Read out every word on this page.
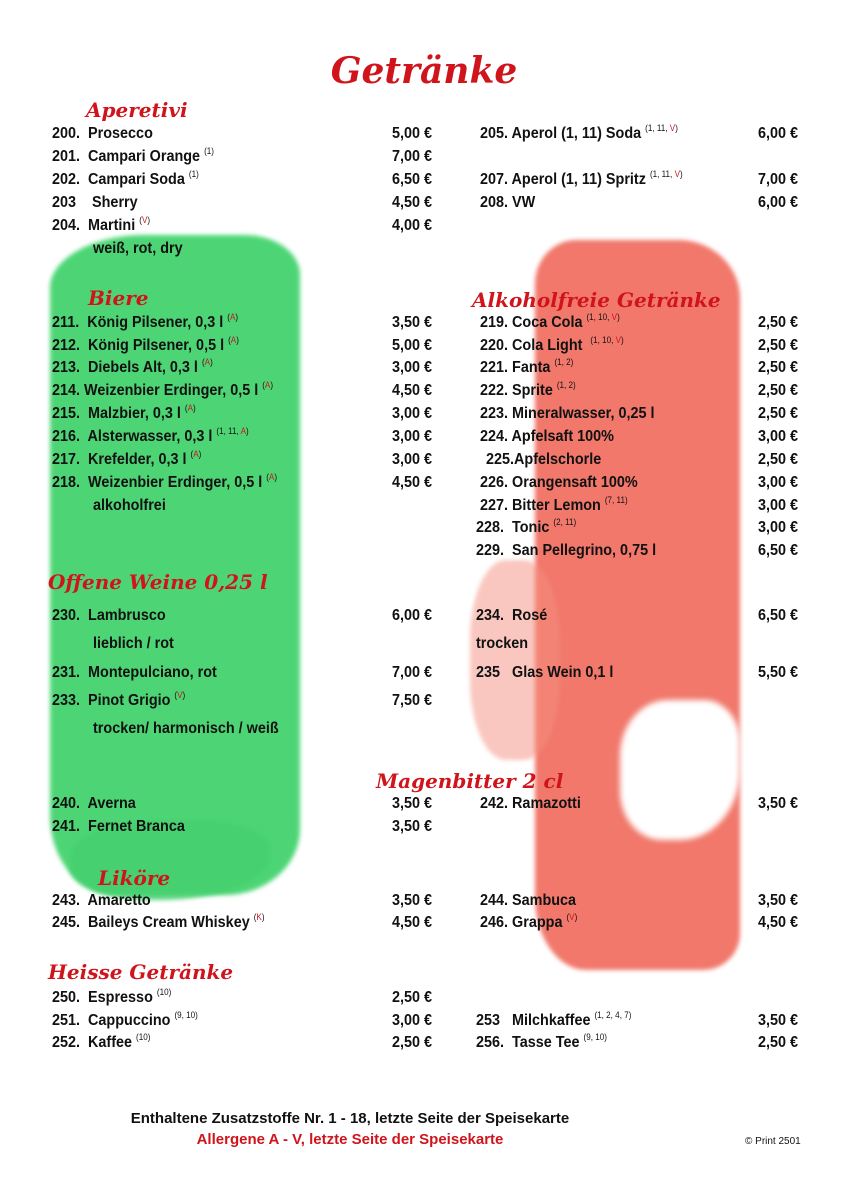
Getränke
Aperetivi
Biere	Alkoholfreie Getränke
Offene Weine 0,25 l
Magenbitter 2 cl
Liköre
Heisse Getränke
200. Prosecco	5,00 €
201. Campari Orange $^{(1)}$	7,00 €
202. Campari Soda $^{(1)}$	6,50 €
203 Sherry	4,50 €
204. Martini $^{(V)}$	4,00 €
weiß, rot, dry
205. Aperol (1, 11) Soda $^{(1, 11, V)}$	6,00 €
207. Aperol (1, 11) Spritz $^{(1, 11, V)}$	7,00 €
208. VW	6,00 €
211. König Pilsener, 0,3 l $^{(A)}$	3,50 €
212. König Pilsener, 0,5 l $^{(A)}$	5,00 €
213. Diebels Alt, 0,3 l $^{(A)}$	3,00 €
214. Weizenbier Erdinger, 0,5 l $^{(A)}$	4,50 €
215. Malzbier, 0,3 l $^{(A)}$	3,00 €
216. Alsterwasser, 0,3 l $^{(1, 11, A)}$	3,00 €
217. Krefelder, 0,3 l $^{(A)}$	3,00 €
218. Weizenbier Erdinger, 0,5 l $^{(A)}$	4,50 €
alkoholfrei
219. Coca Cola $^{(1, 10, V)}$	2,50 €
220. Cola Light $^{(1, 10, V)}$	2,50 €
221. Fanta $^{(1, 2)}$	2,50 €
222. Sprite $^{(1, 2)}$	2,50 €
223. Mineralwasser, 0,25 l	2,50 €
224. Apfelsaft 100%	3,00 €
225.Apfelschorle	2,50 €
226. Orangensaft 100%	3,00 €
227. Bitter Lemon $^{(7, 11)}$	3,00 €
228. Tonic $^{(2, 11)}$	3,00 €
229. San Pellegrino, 0,75 l	6,50 €
230. Lambrusco	6,00 €
lieblich / rot
231. Montepulciano, rot	7,00 €
233. Pinot Grigio $^{(V)}$	7,50 €
trocken/ harmonisch / weiß
234. Rosé	6,50 €
trocken
235 Glas Wein 0,1 l	5,50 €
240. Averna	3,50 €
241. Fernet Branca	3,50 €
242. Ramazotti	3,50 €
243. Amaretto	3,50 €
245. Baileys Cream Whiskey $^{(K)}$	4,50 €
244. Sambuca	3,50 €
246. Grappa $^{(V)}$	4,50 €
250. Espresso $^{(10)}$	2,50 €
251. Cappuccino $^{(9, 10)}$	3,00 €
252. Kaffee $^{(10)}$	2,50 €
253 Milchkaffee $^{(1, 2, 4, 7)}$	3,50 €
256. Tasse Tee $^{(9, 10)}$	2,50 €
Enthaltene Zusatzstoffe Nr. 1 - 18, letzte Seite der Speisekarte
Allergene A - V, letzte Seite der Speisekarte	© Print 2501
